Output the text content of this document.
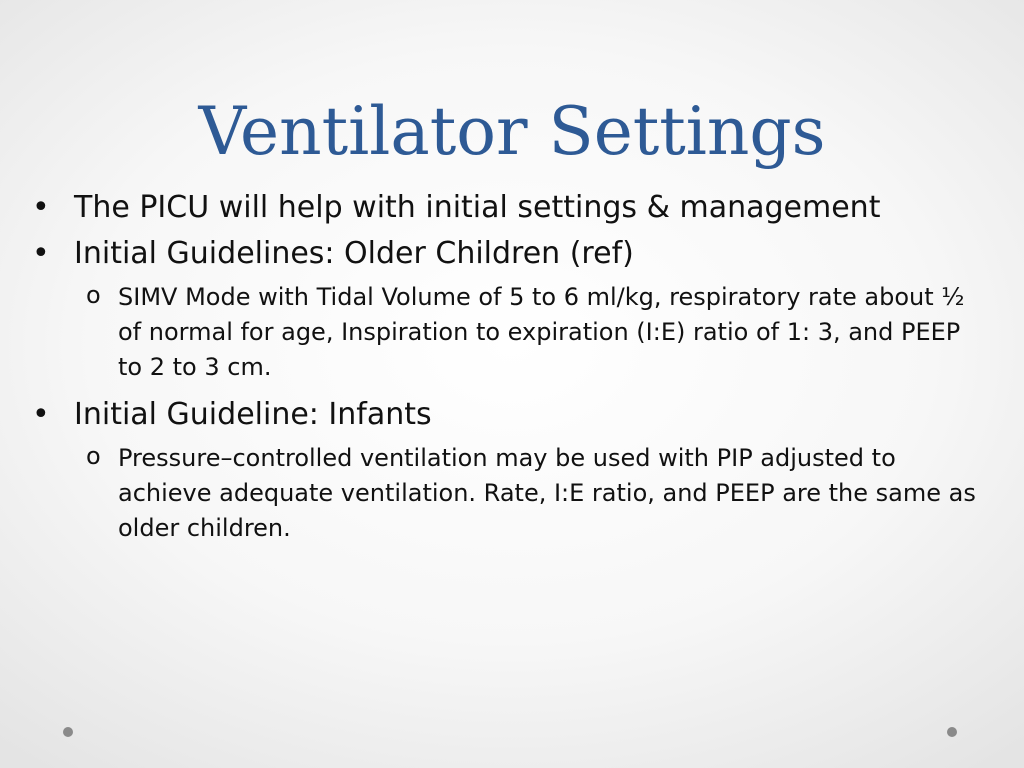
Ventilator Settings
• The PICU will help with initial settings & management
• Initial Guidelines: Older Children (ref)
o SIMV Mode with Tidal Volume of 5 to 6 ml/kg, respiratory rate about ½ of normal for age, Inspiration to expiration (I:E) ratio of 1: 3, and PEEP to 2 to 3 cm.
• Initial Guideline: Infants
o Pressure–controlled ventilation may be used with PIP adjusted to achieve adequate ventilation. Rate, I:E ratio, and PEEP are the same as older children.
